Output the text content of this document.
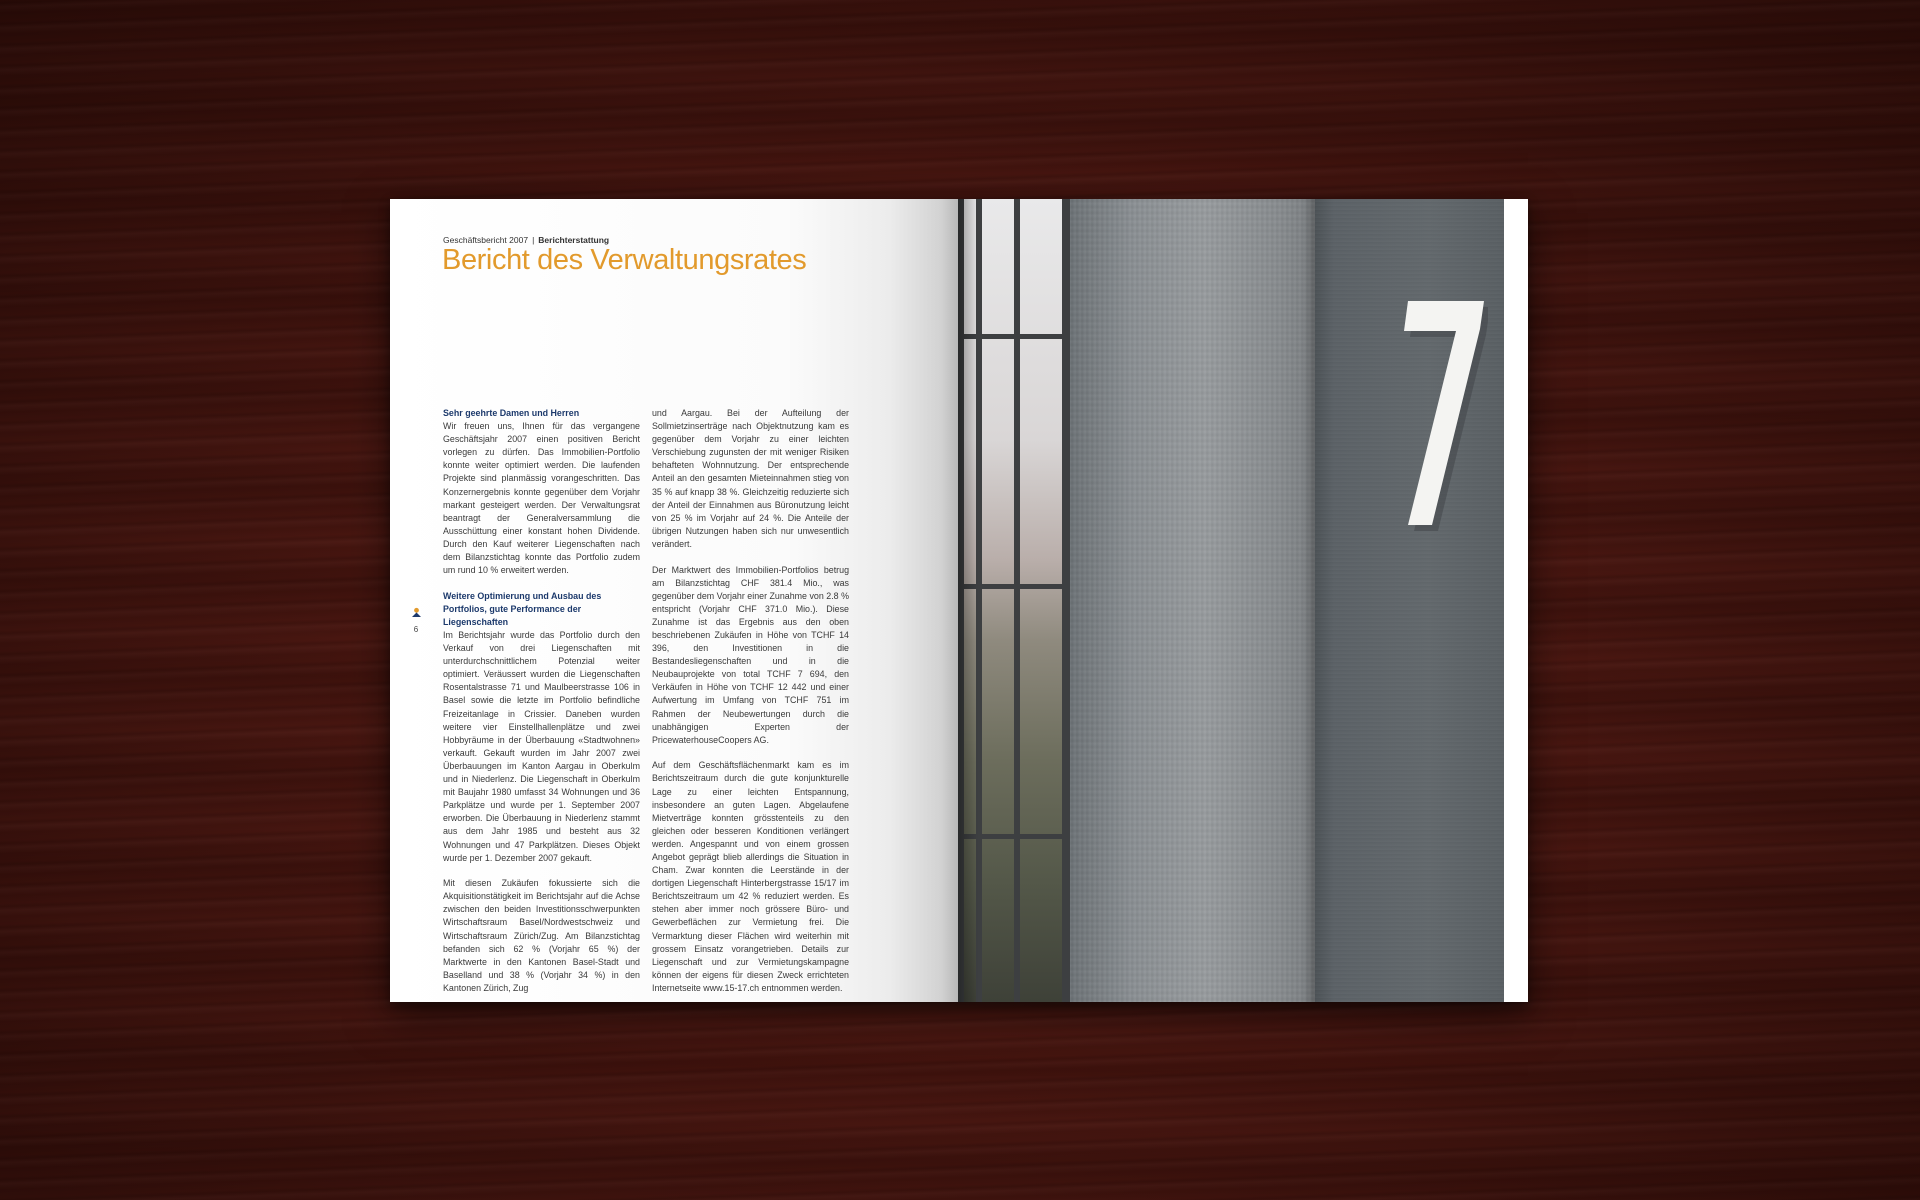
Geschäftsbericht 2007 | Berichterstattung
Bericht des Verwaltungsrates
6
Sehr geehrte Damen und Herren

Wir freuen uns, Ihnen für das vergangene Geschäftsjahr 2007 einen positiven Bericht vorlegen zu dürfen. Das Immobilien-Portfolio konnte weiter optimiert werden. Die laufenden Projekte sind planmässig vorangeschritten. Das Konzernergebnis konnte gegenüber dem Vorjahr markant gesteigert werden. Der Verwaltungsrat beantragt der Generalversammlung die Ausschüttung einer konstant hohen Dividende. Durch den Kauf weiterer Liegenschaften nach dem Bilanzstichtag konnte das Portfolio zudem um rund 10 % erweitert werden.

Weitere Optimierung und Ausbau des Portfolios, gute Performance der Liegenschaften

Im Berichtsjahr wurde das Portfolio durch den Verkauf von drei Liegenschaften mit unterdurchschnittlichem Potenzial weiter optimiert. Veräussert wurden die Liegenschaften Rosentalstrasse 71 und Maulbeerstrasse 106 in Basel sowie die letzte im Portfolio befindliche Freizeitanlage in Crissier. Daneben wurden weitere vier Einstellhallenplätze und zwei Hobbyräume in der Überbauung «Stadtwohnen» verkauft. Gekauft wurden im Jahr 2007 zwei Überbauungen im Kanton Aargau in Oberkulm und in Niederlenz. Die Liegenschaft in Oberkulm mit Baujahr 1980 umfasst 34 Wohnungen und 36 Parkplätze und wurde per 1. September 2007 erworben. Die Überbauung in Niederlenz stammt aus dem Jahr 1985 und besteht aus 32 Wohnungen und 47 Parkplätzen. Dieses Objekt wurde per 1. Dezember 2007 gekauft.

Mit diesen Zukäufen fokussierte sich die Akquisitionstätigkeit im Berichtsjahr auf die Achse zwischen den beiden Investitionsschwerpunkten Wirtschaftsraum Basel/Nordwestschweiz und Wirtschaftsraum Zürich/Zug. Am Bilanzstichtag befanden sich 62 % (Vorjahr 65 %) der Marktwerte in den Kantonen Basel-Stadt und Baselland und 38 % (Vorjahr 34 %) in den Kantonen Zürich, Zug

und Aargau. Bei der Aufteilung der Sollmietzinserträge nach Objektnutzung kam es gegenüber dem Vorjahr zu einer leichten Verschiebung zugunsten der mit weniger Risiken behafteten Wohnnutzung. Der entsprechende Anteil an den gesamten Mieteinnahmen stieg von 35 % auf knapp 38 %. Gleichzeitig reduzierte sich der Anteil der Einnahmen aus Büronutzung leicht von 25 % im Vorjahr auf 24 %. Die Anteile der übrigen Nutzungen haben sich nur unwesentlich verändert.

Der Marktwert des Immobilien-Portfolios betrug am Bilanzstichtag CHF 381.4 Mio., was gegenüber dem Vorjahr einer Zunahme von 2.8 % entspricht (Vorjahr CHF 371.0 Mio.). Diese Zunahme ist das Ergebnis aus den oben beschriebenen Zukäufen in Höhe von TCHF 14 396, den Investitionen in die Bestandesliegenschaften und in die Neubauprojekte von total TCHF 7 694, den Verkäufen in Höhe von TCHF 12 442 und einer Aufwertung im Umfang von TCHF 751 im Rahmen der Neubewertungen durch die unabhängigen Experten der PricewaterhouseCoopers AG.

Auf dem Geschäftsflächenmarkt kam es im Berichtszeitraum durch die gute konjunkturelle Lage zu einer leichten Entspannung, insbesondere an guten Lagen. Abgelaufene Mietverträge konnten grösstenteils zu den gleichen oder besseren Konditionen verlängert werden. Angespannt und von einem grossen Angebot geprägt blieb allerdings die Situation in Cham. Zwar konnten die Leerstände in der dortigen Liegenschaft Hinterbergstrasse 15/17 im Berichtszeitraum um 42 % reduziert werden. Es stehen aber immer noch grössere Büro- und Gewerbeflächen zur Vermietung frei. Die Vermarktung dieser Flächen wird weiterhin mit grossem Einsatz vorangetrieben. Details zur Liegenschaft und zur Vermietungskampagne können der eigens für diesen Zweck errichteten Internetseite www.15-17.ch entnommen werden.
